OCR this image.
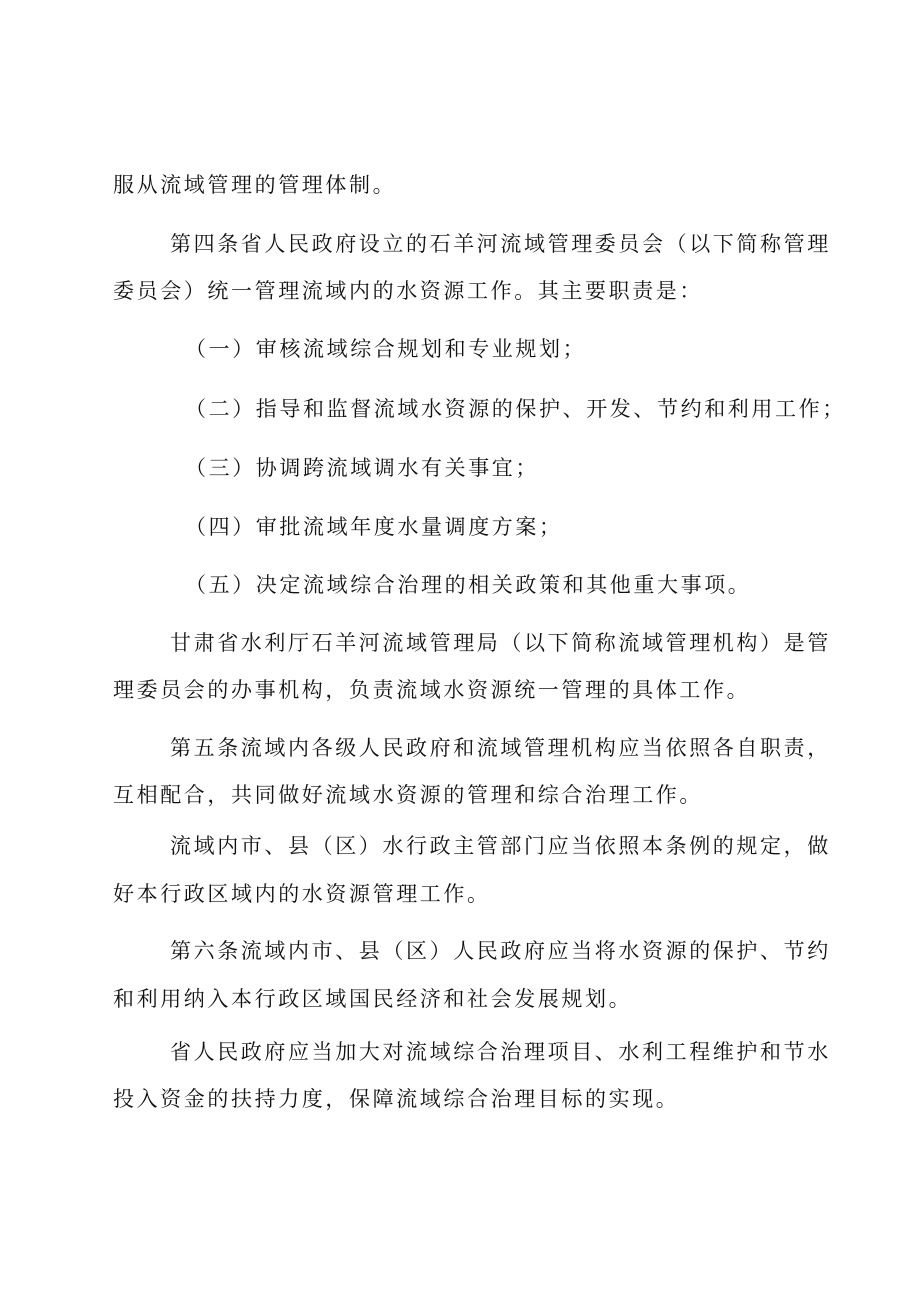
服从流域管理的管理体制。

第四条省人民政府设立的石羊河流域管理委员会（以下简称管理

委员会）统一管理流域内的水资源工作。其主要职责是：

（一）审核流域综合规划和专业规划；

（二）指导和监督流域水资源的保护、开发、节约和利用工作；

（三）协调跨流域调水有关事宜；

（四）审批流域年度水量调度方案；

（五）决定流域综合治理的相关政策和其他重大事项。

甘肃省水利厅石羊河流域管理局（以下简称流域管理机构）是管

理委员会的办事机构，负责流域水资源统一管理的具体工作。

第五条流域内各级人民政府和流域管理机构应当依照各自职责，

互相配合，共同做好流域水资源的管理和综合治理工作。

流域内市、县（区）水行政主管部门应当依照本条例的规定，做

好本行政区域内的水资源管理工作。

第六条流域内市、县（区）人民政府应当将水资源的保护、节约

和利用纳入本行政区域国民经济和社会发展规划。

省人民政府应当加大对流域综合治理项目、水利工程维护和节水

投入资金的扶持力度，保障流域综合治理目标的实现。
